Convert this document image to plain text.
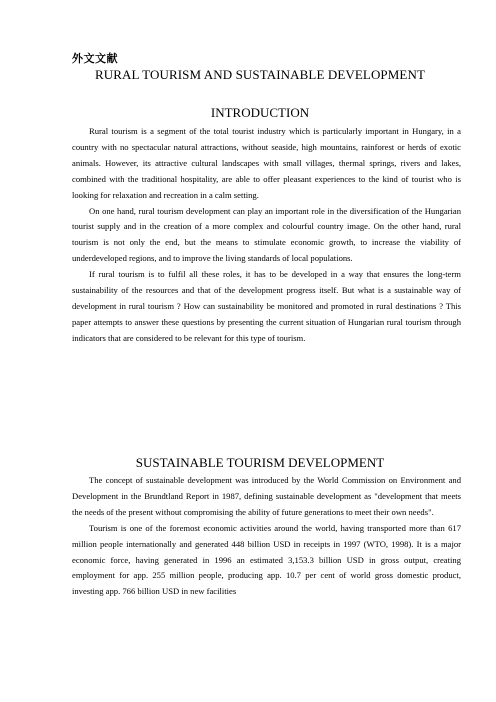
外文文献
RURAL TOURISM AND SUSTAINABLE DEVELOPMENT
INTRODUCTION

Rural tourism is a segment of the total tourist industry which is particularly important in Hungary, in a country with no spectacular natural attractions, without seaside, high mountains, rainforest or herds of exotic animals. However, its attractive cultural landscapes with small villages, thermal springs, rivers and lakes, combined with the traditional hospitality, are able to offer pleasant experiences to the kind of tourist who is looking for relaxation and recreation in a calm setting.

On one hand, rural tourism development can play an important role in the diversification of the Hungarian tourist supply and in the creation of a more complex and colourful country image. On the other hand, rural tourism is not only the end, but the means to stimulate economic growth, to increase the viability of underdeveloped regions, and to improve the living standards of local populations.

If rural tourism is to fulfil all these roles, it has to be developed in a way that ensures the long-term sustainability of the resources and that of the development progress itself. But what is a sustainable way of development in rural tourism ? How can sustainability be monitored and promoted in rural destinations ? This paper attempts to answer these questions by presenting the current situation of Hungarian rural tourism through indicators that are considered to be relevant for this type of tourism.

SUSTAINABLE TOURISM DEVELOPMENT

The concept of sustainable development was introduced by the World Commission on Environment and Development in the Brundtland Report in 1987, defining sustainable development as "development that meets the needs of the present without compromising the ability of future generations to meet their own needs".

Tourism is one of the foremost economic activities around the world, having transported more than 617 million people internationally and generated 448 billion USD in receipts in 1997 (WTO, 1998). It is a major economic force, having generated in 1996 an estimated 3,153.3 billion USD in gross output, creating employment for app. 255 million people, producing app. 10.7 per cent of world gross domestic product, investing app. 766 billion USD in new facilities
